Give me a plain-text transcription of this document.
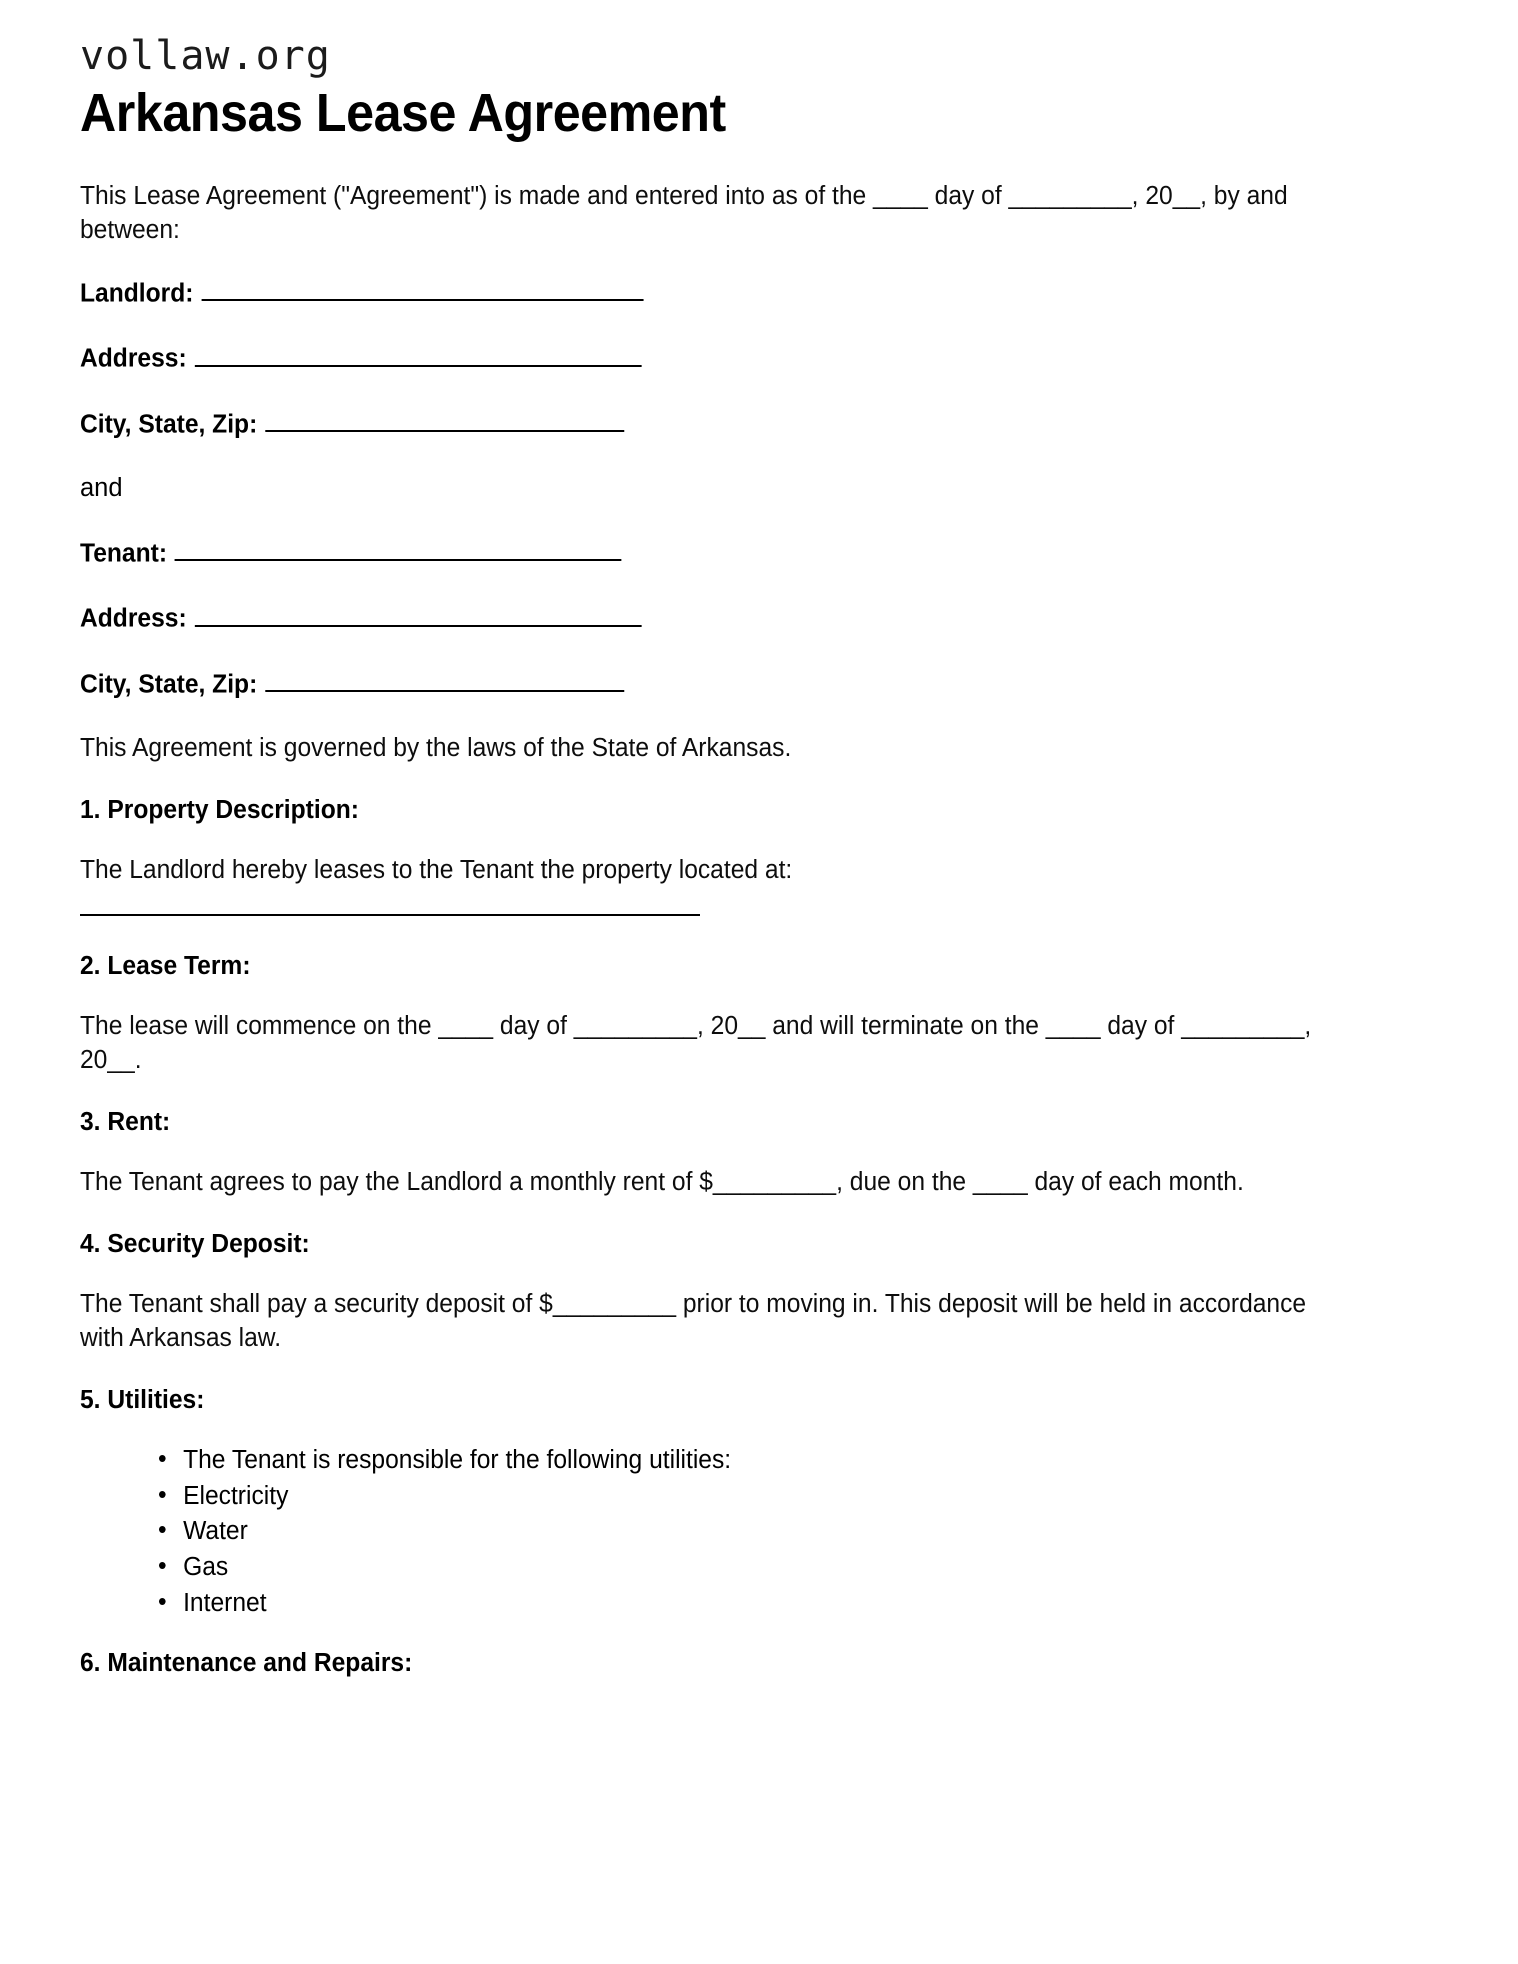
vollaw.org
Arkansas Lease Agreement

This Lease Agreement ("Agreement") is made and entered into as of the ____ day of _________, 20__, by and between:

Landlord:
Address:
City, State, Zip:

and

Tenant:
Address:
City, State, Zip:

This Agreement is governed by the laws of the State of Arkansas.

1. Property Description:

The Landlord hereby leases to the Tenant the property located at:

2. Lease Term:

The lease will commence on the ____ day of _________, 20__ and will terminate on the ____ day of _________, 20__.

3. Rent:

The Tenant agrees to pay the Landlord a monthly rent of $_________, due on the ____ day of each month.

4. Security Deposit:

The Tenant shall pay a security deposit of $_________ prior to moving in. This deposit will be held in accordance with Arkansas law.

5. Utilities:
• The Tenant is responsible for the following utilities:
• Electricity
• Water
• Gas
• Internet
6. Maintenance and Repairs:
